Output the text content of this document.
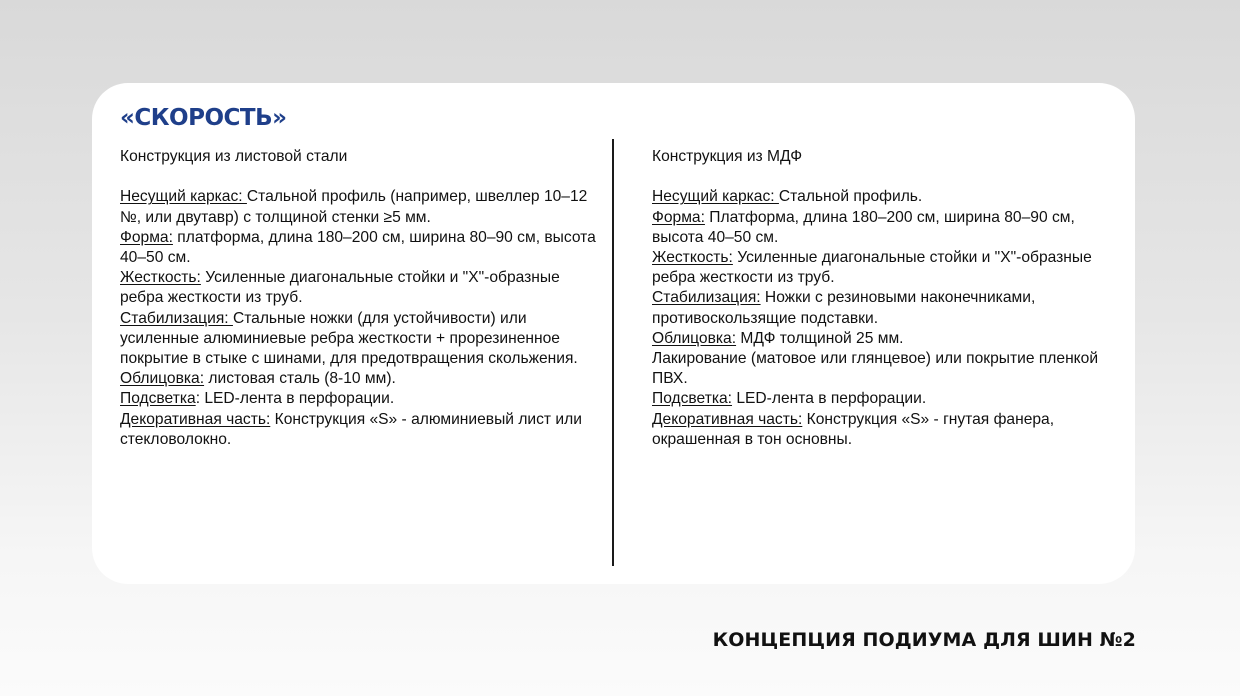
«СКОРОСТЬ»
Конструкция из листовой стали
Несущий каркас: Стальной профиль (например, швеллер 10–12 №, или двутавр) с толщиной стенки ≥5 мм.
Форма: платформа, длина 180–200 см, ширина 80–90 см, высота 40–50 см.
Жесткость: Усиленные диагональные стойки и "X"-образные ребра жесткости из труб.
Стабилизация: Стальные ножки (для устойчивости) или усиленные алюминиевые ребра жесткости + прорезиненное покрытие в стыке с шинами, для предотвращения скольжения.
Облицовка: листовая сталь (8-10 мм).
Подсветка: LED-лента в перфорации.
Декоративная часть: Конструкция «S» - алюминиевый лист или стекловолокно.
Конструкция из МДФ
Несущий каркас: Стальной профиль.
Форма: Платформа, длина 180–200 см, ширина 80–90 см, высота 40–50 см.
Жесткость: Усиленные диагональные стойки и "X"-образные ребра жесткости из труб.
Стабилизация: Ножки с резиновыми наконечниками, противоскользящие подставки.
Облицовка: МДФ толщиной 25 мм.
Лакирование (матовое или глянцевое) или покрытие пленкой ПВХ.
Подсветка: LED-лента в перфорации.
Декоративная часть: Конструкция «S» - гнутая фанера, окрашенная в тон основны.
КОНЦЕПЦИЯ ПОДИУМА ДЛЯ ШИН №2
